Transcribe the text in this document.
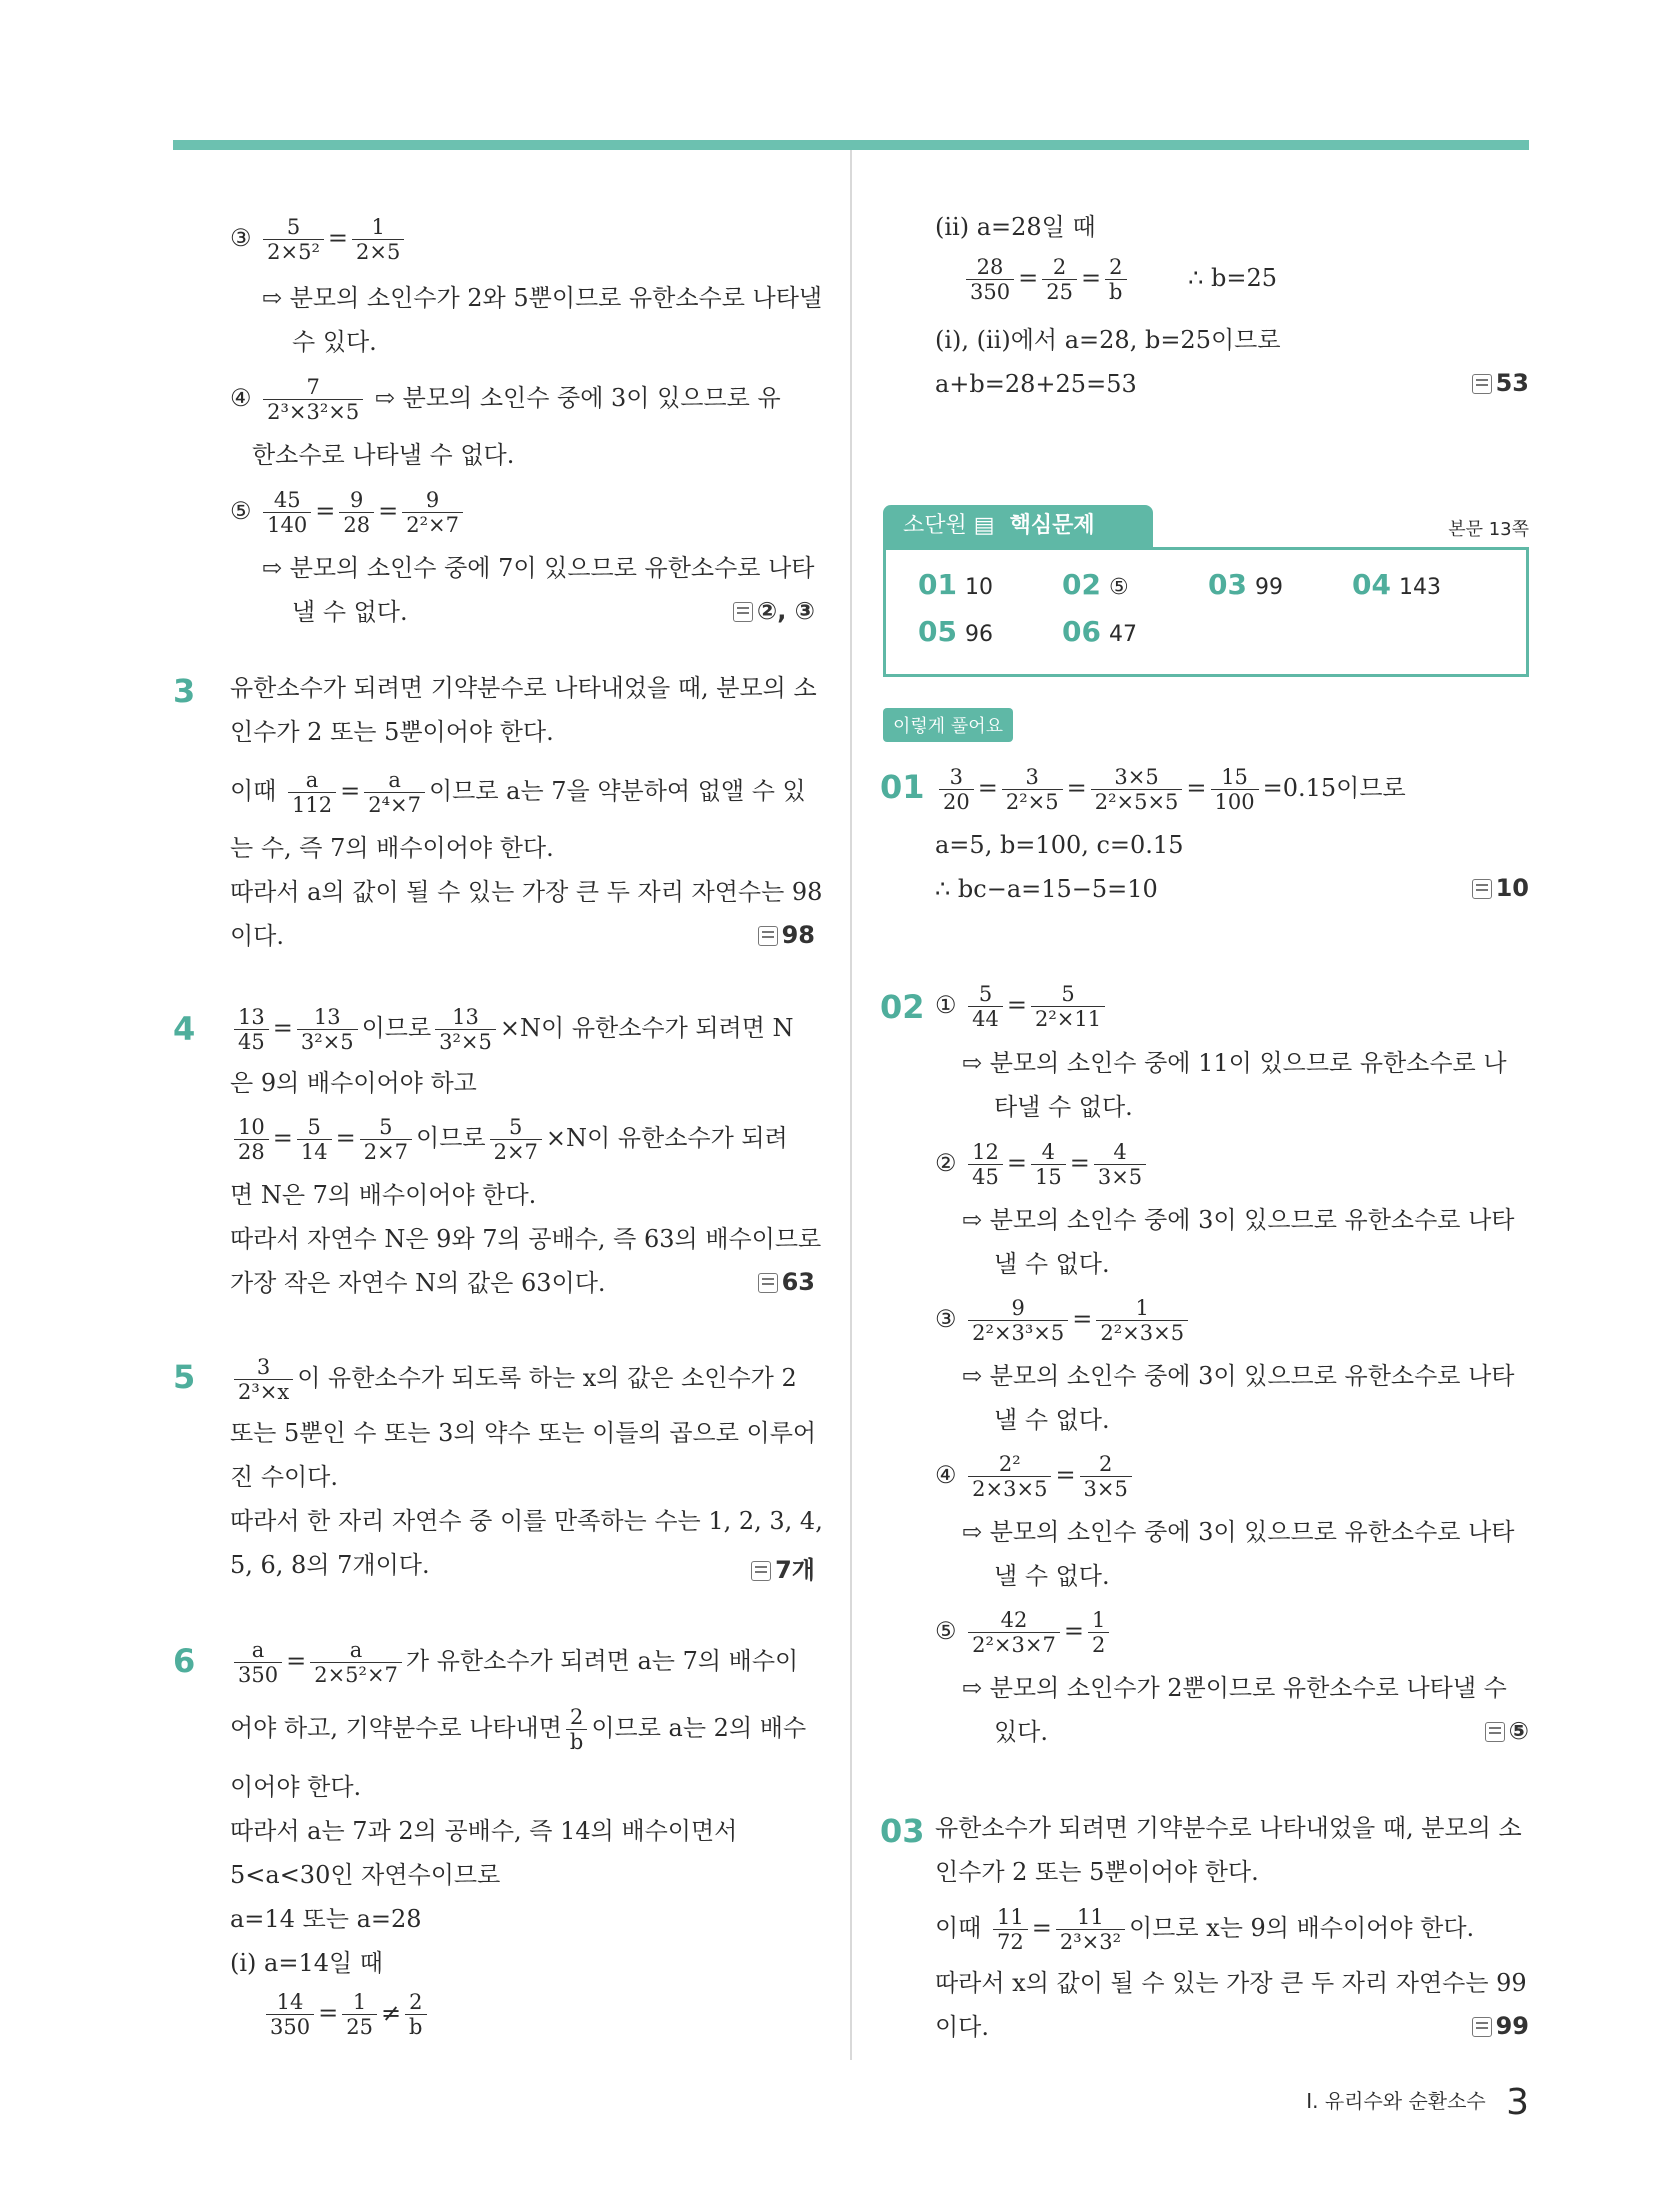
③ $\frac{5}{\text{2×5²}} = \frac{1}{2\times 5}$
⇨ 분모의 소인수가 2와 5뿐이므로 유한소수로 나타낼
수 있다.
④ $\frac{7}{\text{2³×3²×5}}$ ⇨ 분모의 소인수 중에 3이 있으므로 유
한소수로 나타낼 수 없다.
⑤ $\frac{45}{140} = \frac{9}{28} = \frac{9}{\text{2²×7}}$
⇨ 분모의 소인수 중에 7이 있으므로 유한소수로 나타
낼 수 없다.	②, ③
3 유한소수가 되려면 기약분수로 나타내었을 때, 분모의 소
인수가 2 또는 5뿐이어야 한다.
이때 $\frac{a}{112} = \frac{a}{\text{2⁴×7}}$ 이므로 a는 7을 약분하여 없앨 수 있
는 수, 즉 7의 배수이어야 한다.
따라서 a의 값이 될 수 있는 가장 큰 두 자리 자연수는 98
이다.	98
$4 \frac{13}{45} = \frac{13}{\text{3²×5}}$ 이므로 $\frac{13}{\text{3²×5}} \times N$이 유한소수가 되려면 N
은 9의 배수이어야 하고
$\frac{10}{28} = \frac{5}{14} = \frac{5}{2\times 7}$ 이므로 $\frac{5}{2\times 7} \times N$이 유한소수가 되려
면 N은 7의 배수이어야 한다.
따라서 자연수 N은 9와 7의 공배수, 즉 63의 배수이므로
가장 작은 자연수 N의 값은 63이다.	63
$5 \frac{3}{\text{2³×x}}$ 이 유한소수가 되도록 하는 x의 값은 소인수가 2
또는 5뿐인 수 또는 3의 약수 또는 이들의 곱으로 이루어
진 수이다.
따라서 한 자리 자연수 중 이를 만족하는 수는 1, 2, 3, 4,
5, 6, 8의 7개이다.	7개
$6 \frac{a}{350} = \frac{a}{\text{2×5²×7}}$ 가 유한소수가 되려면 a는 7의 배수이
어야 하고, 기약분수로 나타내면 $\frac{2}{b}$ 이므로 a는 2의 배수
이어야 한다.
따라서 a는 7과 2의 공배수, 즉 14의 배수이면서
5<a<30인 자연수이므로
a=14 또는 a=28
(ⅰ) a=14일 때
$\frac{14}{350} = \frac{1}{25} \ne \frac{2}{b}$
(ⅱ) a=28일 때
$\frac{28}{350} = \frac{2}{25} = \frac{2}{b}$	∴ b=25
(ⅰ), (ⅱ)에서 a=28, b=25이므로
a+b=28+25=53	53
소단원 ▤ 핵심문제	본문 13쪽
01 10 02 ⑤	03 99 04 143
05 96 06 47
이렇게 풀어요
$01 \frac{3}{20} = \frac{3}{\text{2²×5}} = \frac{3\times 5}{\text{2²×5×5}} = \frac{15}{100} =0.15$이므로
a=5, b=100, c=0.15
∴ bc−a=15−5=10	10
02 ① $\frac{5}{44} = \frac{5}{\text{2²×11}}$
⇨ 분모의 소인수 중에 11이 있으므로 유한소수로 나
타낼 수 없다.
② $\frac{12}{45} = \frac{4}{15} = \frac{4}{3\times 5}$
⇨ 분모의 소인수 중에 3이 있으므로 유한소수로 나타
낼 수 없다.
③ $\frac{9}{\text{2²×3³×5}} = \frac{1}{\text{2²×3×5}}$
⇨ 분모의 소인수 중에 3이 있으므로 유한소수로 나타
낼 수 없다.
④ $\frac{\text{2²}}{2\times 3\times 5} = \frac{2}{3\times 5}$
⇨ 분모의 소인수 중에 3이 있으므로 유한소수로 나타
낼 수 없다.
⑤ $\frac{42}{\text{2²×3×7}} = \frac{1}{2}$
⇨ 분모의 소인수가 2뿐이므로 유한소수로 나타낼 수
있다.	⑤
03 유한소수가 되려면 기약분수로 나타내었을 때, 분모의 소
인수가 2 또는 5뿐이어야 한다.
이때 $\frac{11}{72} = \frac{11}{\text{2³×3²}}$ 이므로 x는 9의 배수이어야 한다.
따라서 x의 값이 될 수 있는 가장 큰 두 자리 자연수는 99
이다.	99
Ⅰ. 유리수와 순환소수 3
